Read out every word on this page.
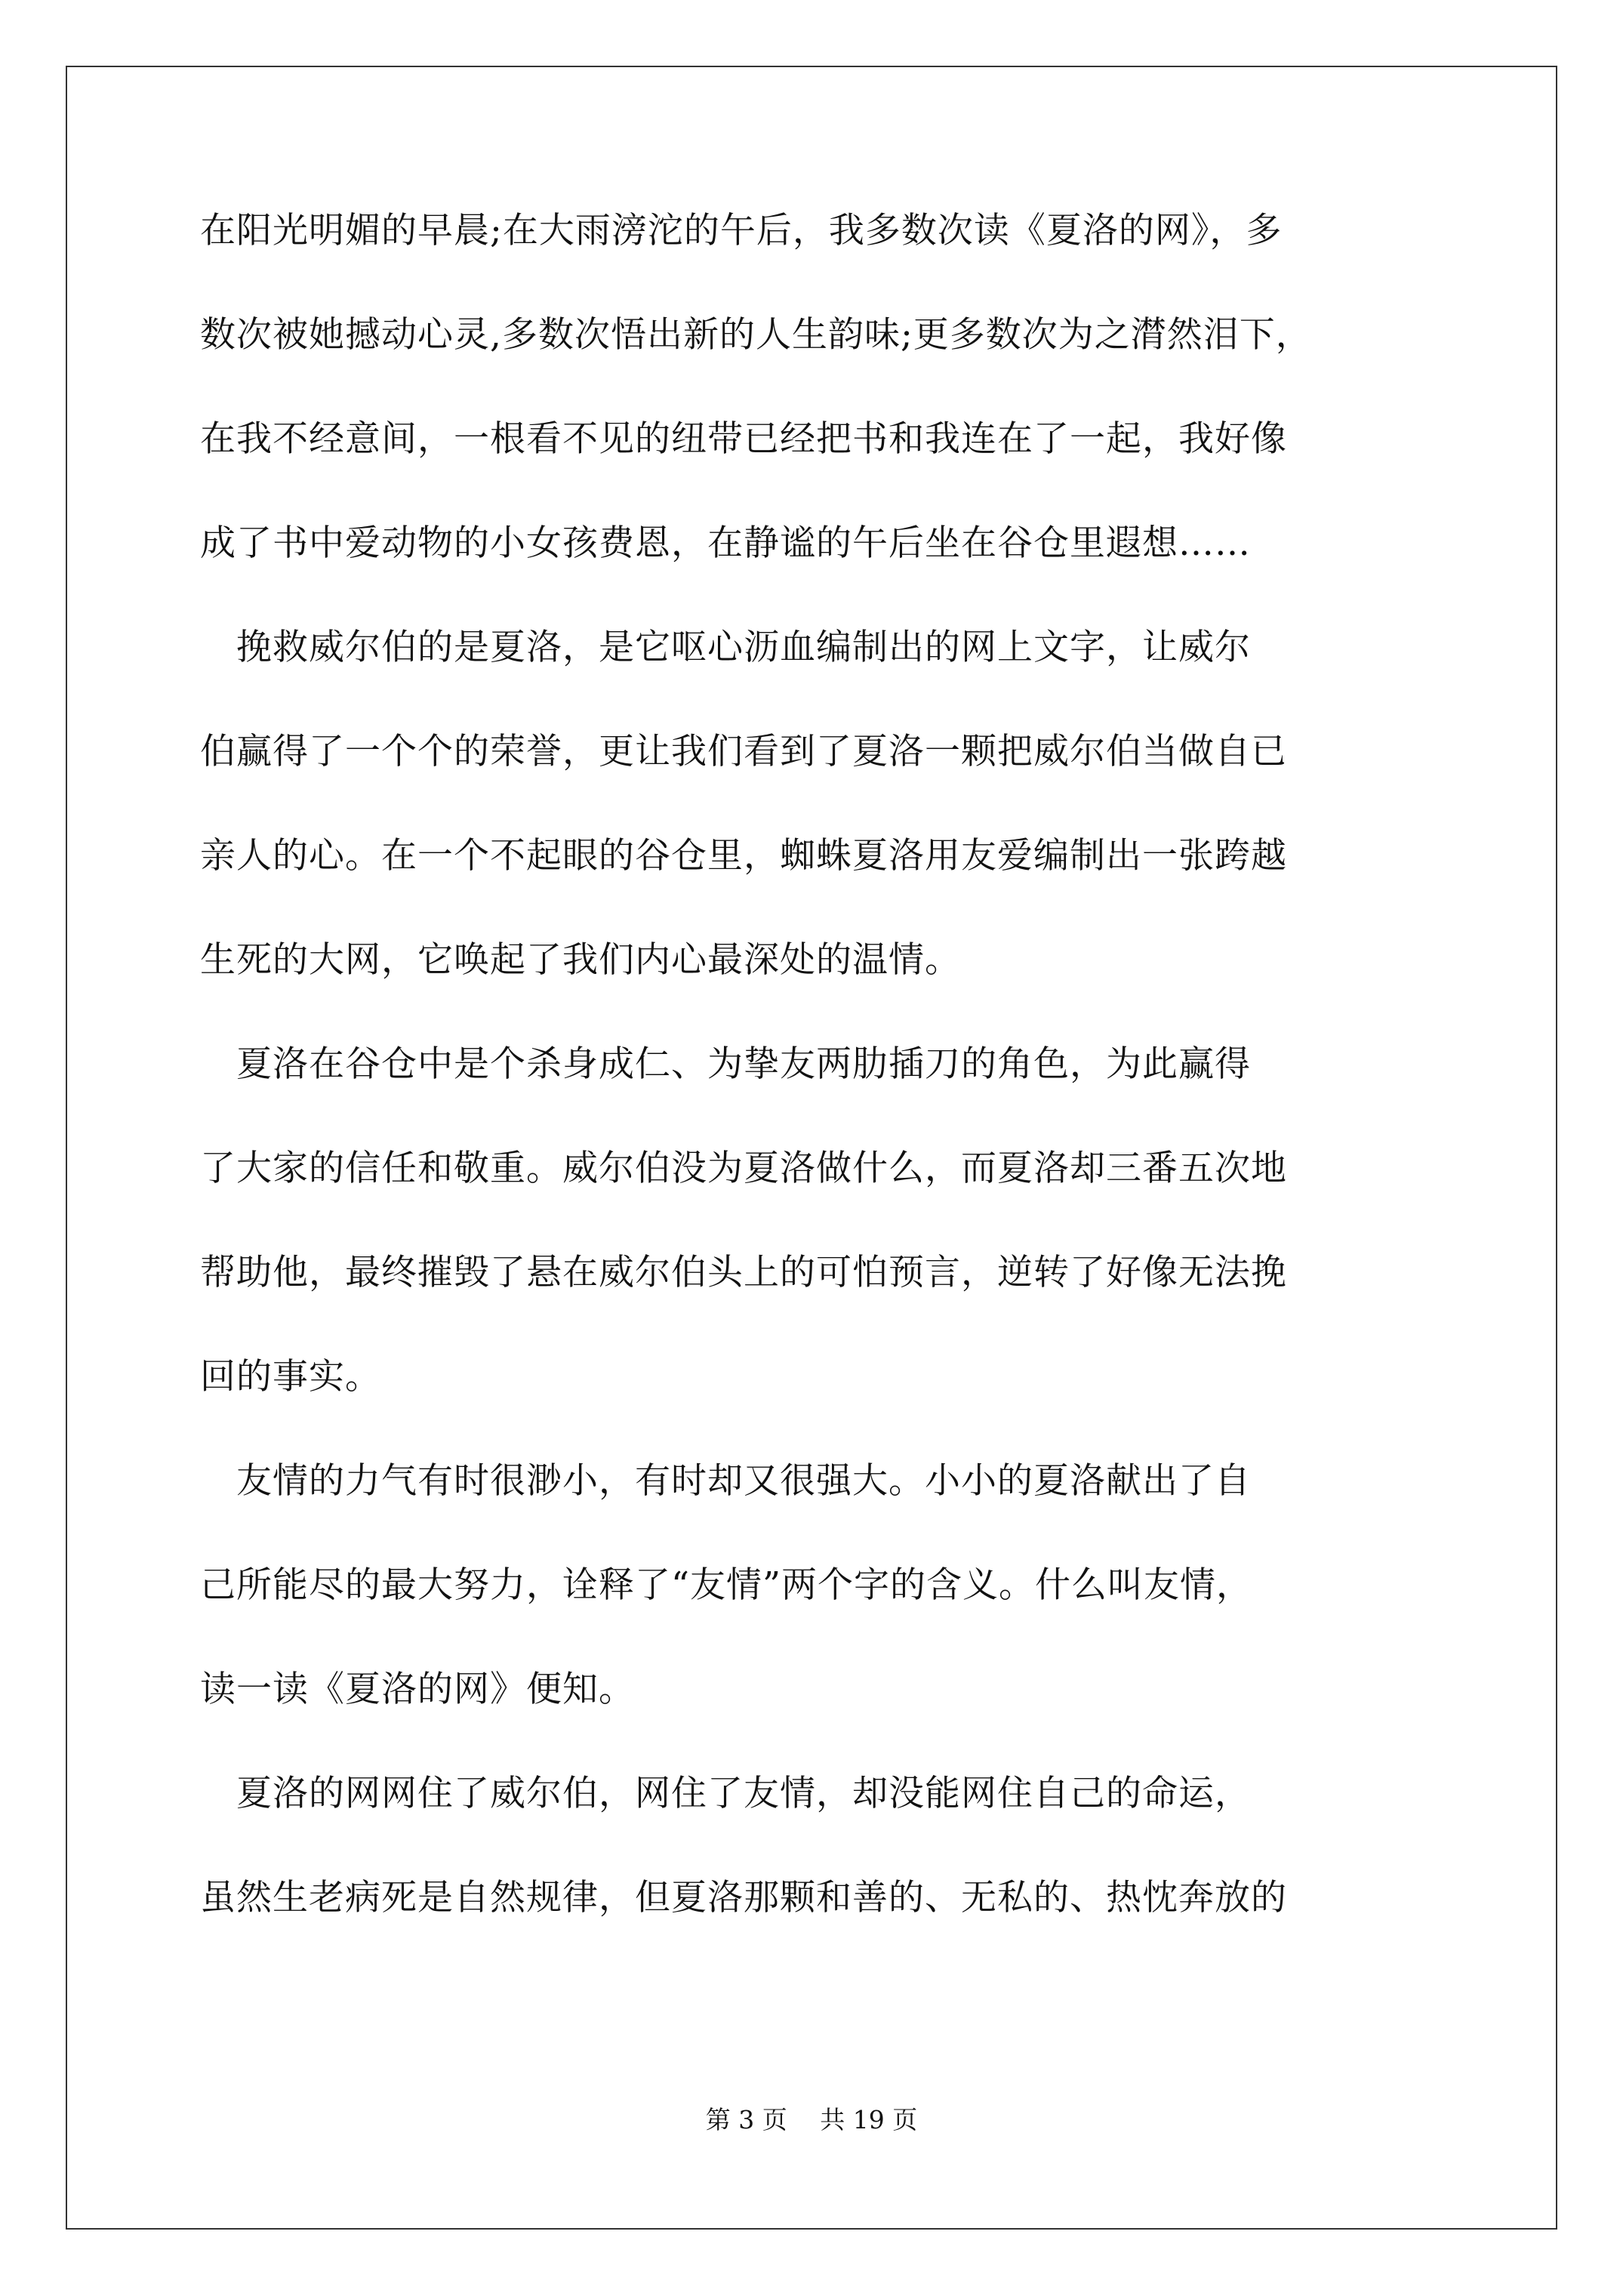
在阳光明媚的早晨;在大雨滂沱的午后，我多数次读《夏洛的网》，多
数次被她撼动心灵,多数次悟出新的人生韵味;更多数次为之潸然泪下，
在我不经意间，一根看不见的纽带已经把书和我连在了一起，我好像
成了书中爱动物的小女孩费恩，在静谧的午后坐在谷仓里遐想……
　挽救威尔伯的是夏洛，是它呕心沥血编制出的网上文字，让威尔
伯赢得了一个个的荣誉，更让我们看到了夏洛一颗把威尔伯当做自已
亲人的心。在一个不起眼的谷仓里，蜘蛛夏洛用友爱编制出一张跨越
生死的大网，它唤起了我们内心最深处的温情。
　夏洛在谷仓中是个杀身成仁、为挚友两肋插刀的角色，为此赢得
了大家的信任和敬重。威尔伯没为夏洛做什么，而夏洛却三番五次地
帮助他，最终摧毁了悬在威尔伯头上的可怕预言，逆转了好像无法挽
回的事实。
　友情的力气有时很渺小，有时却又很强大。小小的夏洛献出了自
己所能尽的最大努力，诠释了“友情”两个字的含义。什么叫友情，
读一读《夏洛的网》便知。
　夏洛的网网住了威尔伯，网住了友情，却没能网住自己的命运，
虽然生老病死是自然规律，但夏洛那颗和善的、无私的、热忱奔放的
第 3 页　 共 19 页
